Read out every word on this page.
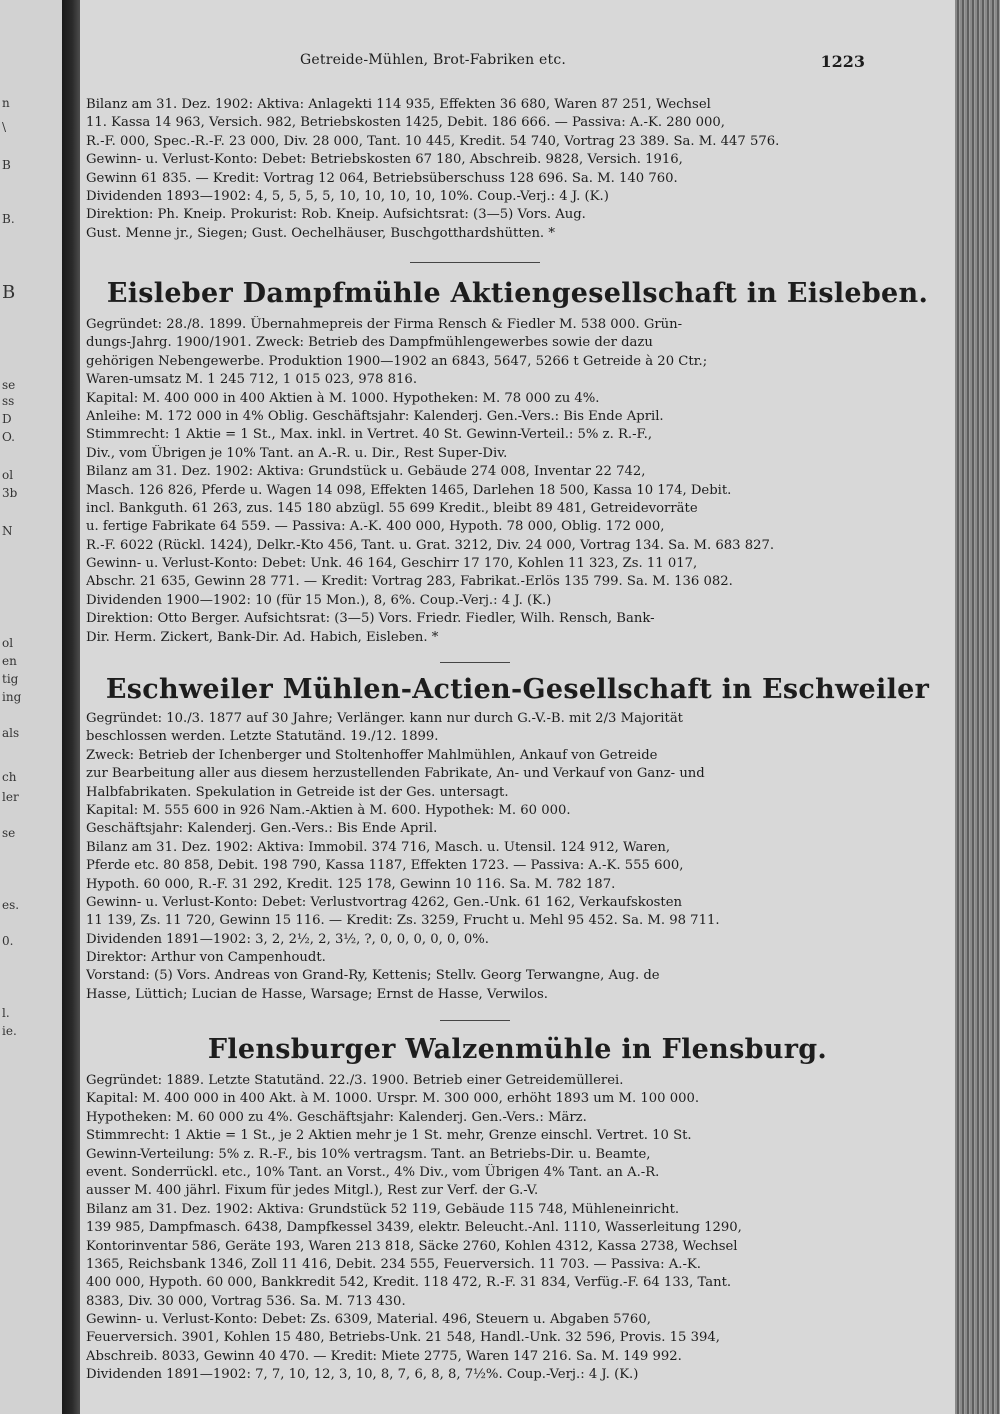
n
\
B
B.
B
se
ss
D
O.
ol
3b
N
ol
en
tig
ing
als
ch
ler
se
es.
0.
l.
ie.
Getreide-Mühlen, Brot-Fabriken etc.	1223
Bilanz am 31. Dez. 1902: Aktiva: Anlagekti 114 935, Effekten 36 680, Waren 87 251, Wechsel
11. Kassa 14 963, Versich. 982, Betriebskosten 1425, Debit. 186 666. — Passiva: A.-K. 280 000,
R.-F. 000, Spec.-R.-F. 23 000, Div. 28 000, Tant. 10 445, Kredit. 54 740, Vortrag 23 389. Sa. M. 447 576.
Gewinn- u. Verlust-Konto: Debet: Betriebskosten 67 180, Abschreib. 9828, Versich. 1916,
Gewinn 61 835. — Kredit: Vortrag 12 064, Betriebsüberschuss 128 696. Sa. M. 140 760.
Dividenden 1893—1902: 4, 5, 5, 5, 5, 10, 10, 10, 10, 10%. Coup.-Verj.: 4 J. (K.)
Direktion: Ph. Kneip. Prokurist: Rob. Kneip. Aufsichtsrat: (3—5) Vors. Aug.
Gust. Menne jr., Siegen; Gust. Oechelhäuser, Buschgotthardshütten. *
Eisleber Dampfmühle Aktiengesellschaft in Eisleben.
Gegründet: 28./8. 1899. Übernahmepreis der Firma Rensch & Fiedler M. 538 000. Grün-
dungs-Jahrg. 1900/1901. Zweck: Betrieb des Dampfmühlengewerbes sowie der dazu
gehörigen Nebengewerbe. Produktion 1900—1902 an 6843, 5647, 5266 t Getreide à 20 Ctr.;
Waren-umsatz M. 1 245 712, 1 015 023, 978 816.
Kapital: M. 400 000 in 400 Aktien à M. 1000. Hypotheken: M. 78 000 zu 4%.
Anleihe: M. 172 000 in 4% Oblig. Geschäftsjahr: Kalenderj. Gen.-Vers.: Bis Ende April.
Stimmrecht: 1 Aktie = 1 St., Max. inkl. in Vertret. 40 St. Gewinn-Verteil.: 5% z. R.-F.,
Div., vom Übrigen je 10% Tant. an A.-R. u. Dir., Rest Super-Div.
Bilanz am 31. Dez. 1902: Aktiva: Grundstück u. Gebäude 274 008, Inventar 22 742,
Masch. 126 826, Pferde u. Wagen 14 098, Effekten 1465, Darlehen 18 500, Kassa 10 174, Debit.
incl. Bankguth. 61 263, zus. 145 180 abzügl. 55 699 Kredit., bleibt 89 481, Getreidevorräte
u. fertige Fabrikate 64 559. — Passiva: A.-K. 400 000, Hypoth. 78 000, Oblig. 172 000,
R.-F. 6022 (Rückl. 1424), Delkr.-Kto 456, Tant. u. Grat. 3212, Div. 24 000, Vortrag 134. Sa. M. 683 827.
Gewinn- u. Verlust-Konto: Debet: Unk. 46 164, Geschirr 17 170, Kohlen 11 323, Zs. 11 017,
Abschr. 21 635, Gewinn 28 771. — Kredit: Vortrag 283, Fabrikat.-Erlös 135 799. Sa. M. 136 082.
Dividenden 1900—1902: 10 (für 15 Mon.), 8, 6%. Coup.-Verj.: 4 J. (K.)
Direktion: Otto Berger. Aufsichtsrat: (3—5) Vors. Friedr. Fiedler, Wilh. Rensch, Bank-
Dir. Herm. Zickert, Bank-Dir. Ad. Habich, Eisleben. *
Eschweiler Mühlen-Actien-Gesellschaft in Eschweiler
Gegründet: 10./3. 1877 auf 30 Jahre; Verlänger. kann nur durch G.-V.-B. mit 2/3 Majorität
beschlossen werden. Letzte Statutänd. 19./12. 1899.
Zweck: Betrieb der Ichenberger und Stoltenhoffer Mahlmühlen, Ankauf von Getreide
zur Bearbeitung aller aus diesem herzustellenden Fabrikate, An- und Verkauf von Ganz- und
Halbfabrikaten. Spekulation in Getreide ist der Ges. untersagt.
Kapital: M. 555 600 in 926 Nam.-Aktien à M. 600. Hypothek: M. 60 000.
Geschäftsjahr: Kalenderj. Gen.-Vers.: Bis Ende April.
Bilanz am 31. Dez. 1902: Aktiva: Immobil. 374 716, Masch. u. Utensil. 124 912, Waren,
Pferde etc. 80 858, Debit. 198 790, Kassa 1187, Effekten 1723. — Passiva: A.-K. 555 600,
Hypoth. 60 000, R.-F. 31 292, Kredit. 125 178, Gewinn 10 116. Sa. M. 782 187.
Gewinn- u. Verlust-Konto: Debet: Verlustvortrag 4262, Gen.-Unk. 61 162, Verkaufskosten
11 139, Zs. 11 720, Gewinn 15 116. — Kredit: Zs. 3259, Frucht u. Mehl 95 452. Sa. M. 98 711.
Dividenden 1891—1902: 3, 2, 2½, 2, 3½, ?, 0, 0, 0, 0, 0, 0%.
Direktor: Arthur von Campenhoudt.
Vorstand: (5) Vors. Andreas von Grand-Ry, Kettenis; Stellv. Georg Terwangne, Aug. de
Hasse, Lüttich; Lucian de Hasse, Warsage; Ernst de Hasse, Verwilos.
Flensburger Walzenmühle in Flensburg.
Gegründet: 1889. Letzte Statutänd. 22./3. 1900. Betrieb einer Getreidemüllerei.
Kapital: M. 400 000 in 400 Akt. à M. 1000. Urspr. M. 300 000, erhöht 1893 um M. 100 000.
Hypotheken: M. 60 000 zu 4%. Geschäftsjahr: Kalenderj. Gen.-Vers.: März.
Stimmrecht: 1 Aktie = 1 St., je 2 Aktien mehr je 1 St. mehr, Grenze einschl. Vertret. 10 St.
Gewinn-Verteilung: 5% z. R.-F., bis 10% vertragsm. Tant. an Betriebs-Dir. u. Beamte,
event. Sonderrückl. etc., 10% Tant. an Vorst., 4% Div., vom Übrigen 4% Tant. an A.-R.
ausser M. 400 jährl. Fixum für jedes Mitgl.), Rest zur Verf. der G.-V.
Bilanz am 31. Dez. 1902: Aktiva: Grundstück 52 119, Gebäude 115 748, Mühleneinricht.
139 985, Dampfmasch. 6438, Dampfkessel 3439, elektr. Beleucht.-Anl. 1110, Wasserleitung 1290,
Kontorinventar 586, Geräte 193, Waren 213 818, Säcke 2760, Kohlen 4312, Kassa 2738, Wechsel
1365, Reichsbank 1346, Zoll 11 416, Debit. 234 555, Feuerversich. 11 703. — Passiva: A.-K.
400 000, Hypoth. 60 000, Bankkredit 542, Kredit. 118 472, R.-F. 31 834, Verfüg.-F. 64 133, Tant.
8383, Div. 30 000, Vortrag 536. Sa. M. 713 430.
Gewinn- u. Verlust-Konto: Debet: Zs. 6309, Material. 496, Steuern u. Abgaben 5760,
Feuerversich. 3901, Kohlen 15 480, Betriebs-Unk. 21 548, Handl.-Unk. 32 596, Provis. 15 394,
Abschreib. 8033, Gewinn 40 470. — Kredit: Miete 2775, Waren 147 216. Sa. M. 149 992.
Dividenden 1891—1902: 7, 7, 10, 12, 3, 10, 8, 7, 6, 8, 8, 7½%. Coup.-Verj.: 4 J. (K.)
